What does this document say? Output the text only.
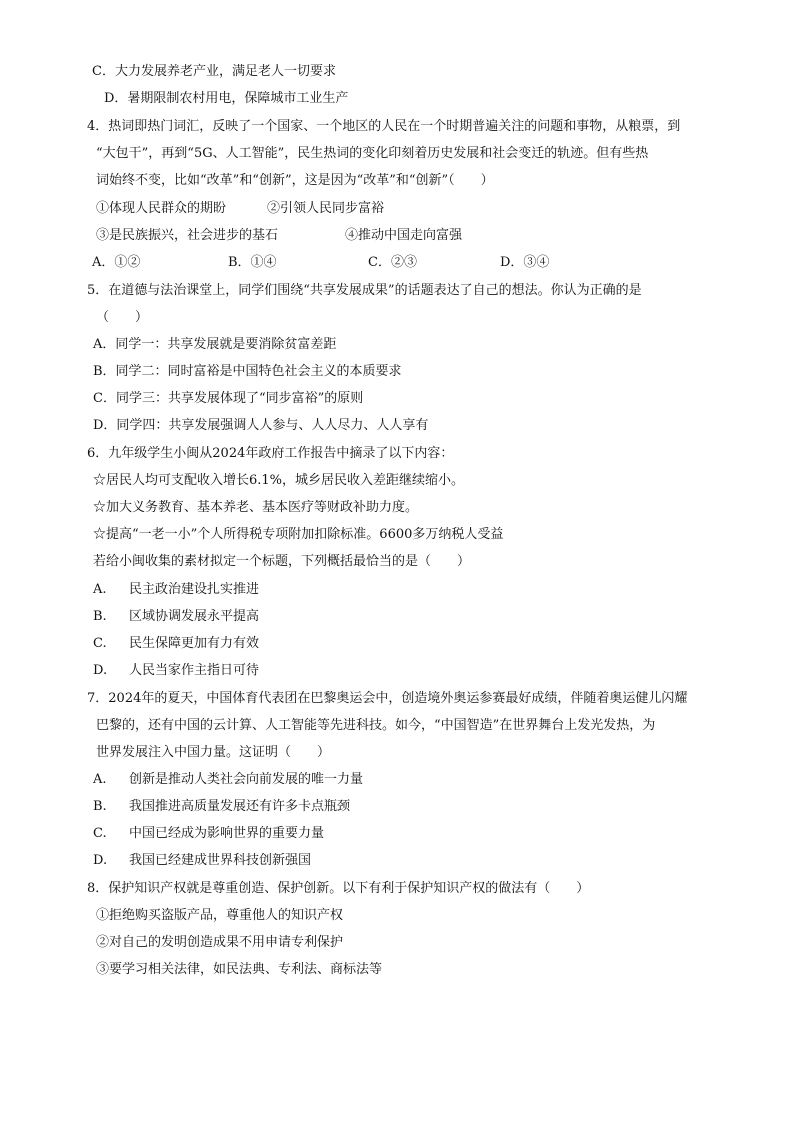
C．大力发展养老产业，满足老人一切要求
D．暑期限制农村用电，保障城市工业生产
4．热词即热门词汇，反映了一个国家、一个地区的人民在一个时期普遍关注的问题和事物，从粮票，到
“大包干”，再到“5G、人工智能”，民生热词的变化印刻着历史发展和社会变迁的轨迹。但有些热
词始终不变，比如“改革”和“创新”，这是因为“改革”和“创新”（　　）
①体现人民群众的期盼	②引领人民同步富裕
③是民族振兴，社会进步的基石	④推动中国走向富强
A．①②	B．①④	C．②③	D．③④
5．在道德与法治课堂上，同学们围绕“共享发展成果”的话题表达了自己的想法。你认为正确的是
（　　）
A．同学一：共享发展就是要消除贫富差距
B．同学二：同时富裕是中国特色社会主义的本质要求
C．同学三：共享发展体现了“同步富裕”的原则
D．同学四：共享发展强调人人参与、人人尽力、人人享有
6．九年级学生小闽从2024年政府工作报告中摘录了以下内容：
☆居民人均可支配收入增长6.1%，城乡居民收入差距继续缩小。
☆加大义务教育、基本养老、基本医疗等财政补助力度。
☆提高“一老一小”个人所得税专项附加扣除标准。6600多万纳税人受益
若给小闽收集的素材拟定一个标题，下列概括最恰当的是（　　）
A. 民主政治建设扎实推进
B. 区域协调发展永平提高
C. 民生保障更加有力有效
D. 人民当家作主指日可待
7．2024年的夏天，中国体育代表团在巴黎奥运会中，创造境外奥运参赛最好成绩，伴随着奥运健儿闪耀
巴黎的，还有中国的云计算、人工智能等先进科技。如今，“中国智造”在世界舞台上发光发热，为
世界发展注入中国力量。这证明（　　）
A. 创新是推动人类社会向前发展的唯一力量
B. 我国推进高质量发展还有许多卡点瓶颈
C. 中国已经成为影响世界的重要力量
D. 我国已经建成世界科技创新强国
8．保护知识产权就是尊重创造、保护创新。以下有利于保护知识产权的做法有（　　）
①拒绝购买盗版产品，尊重他人的知识产权
②对自己的发明创造成果不用申请专利保护
③要学习相关法律，如民法典、专利法、商标法等
